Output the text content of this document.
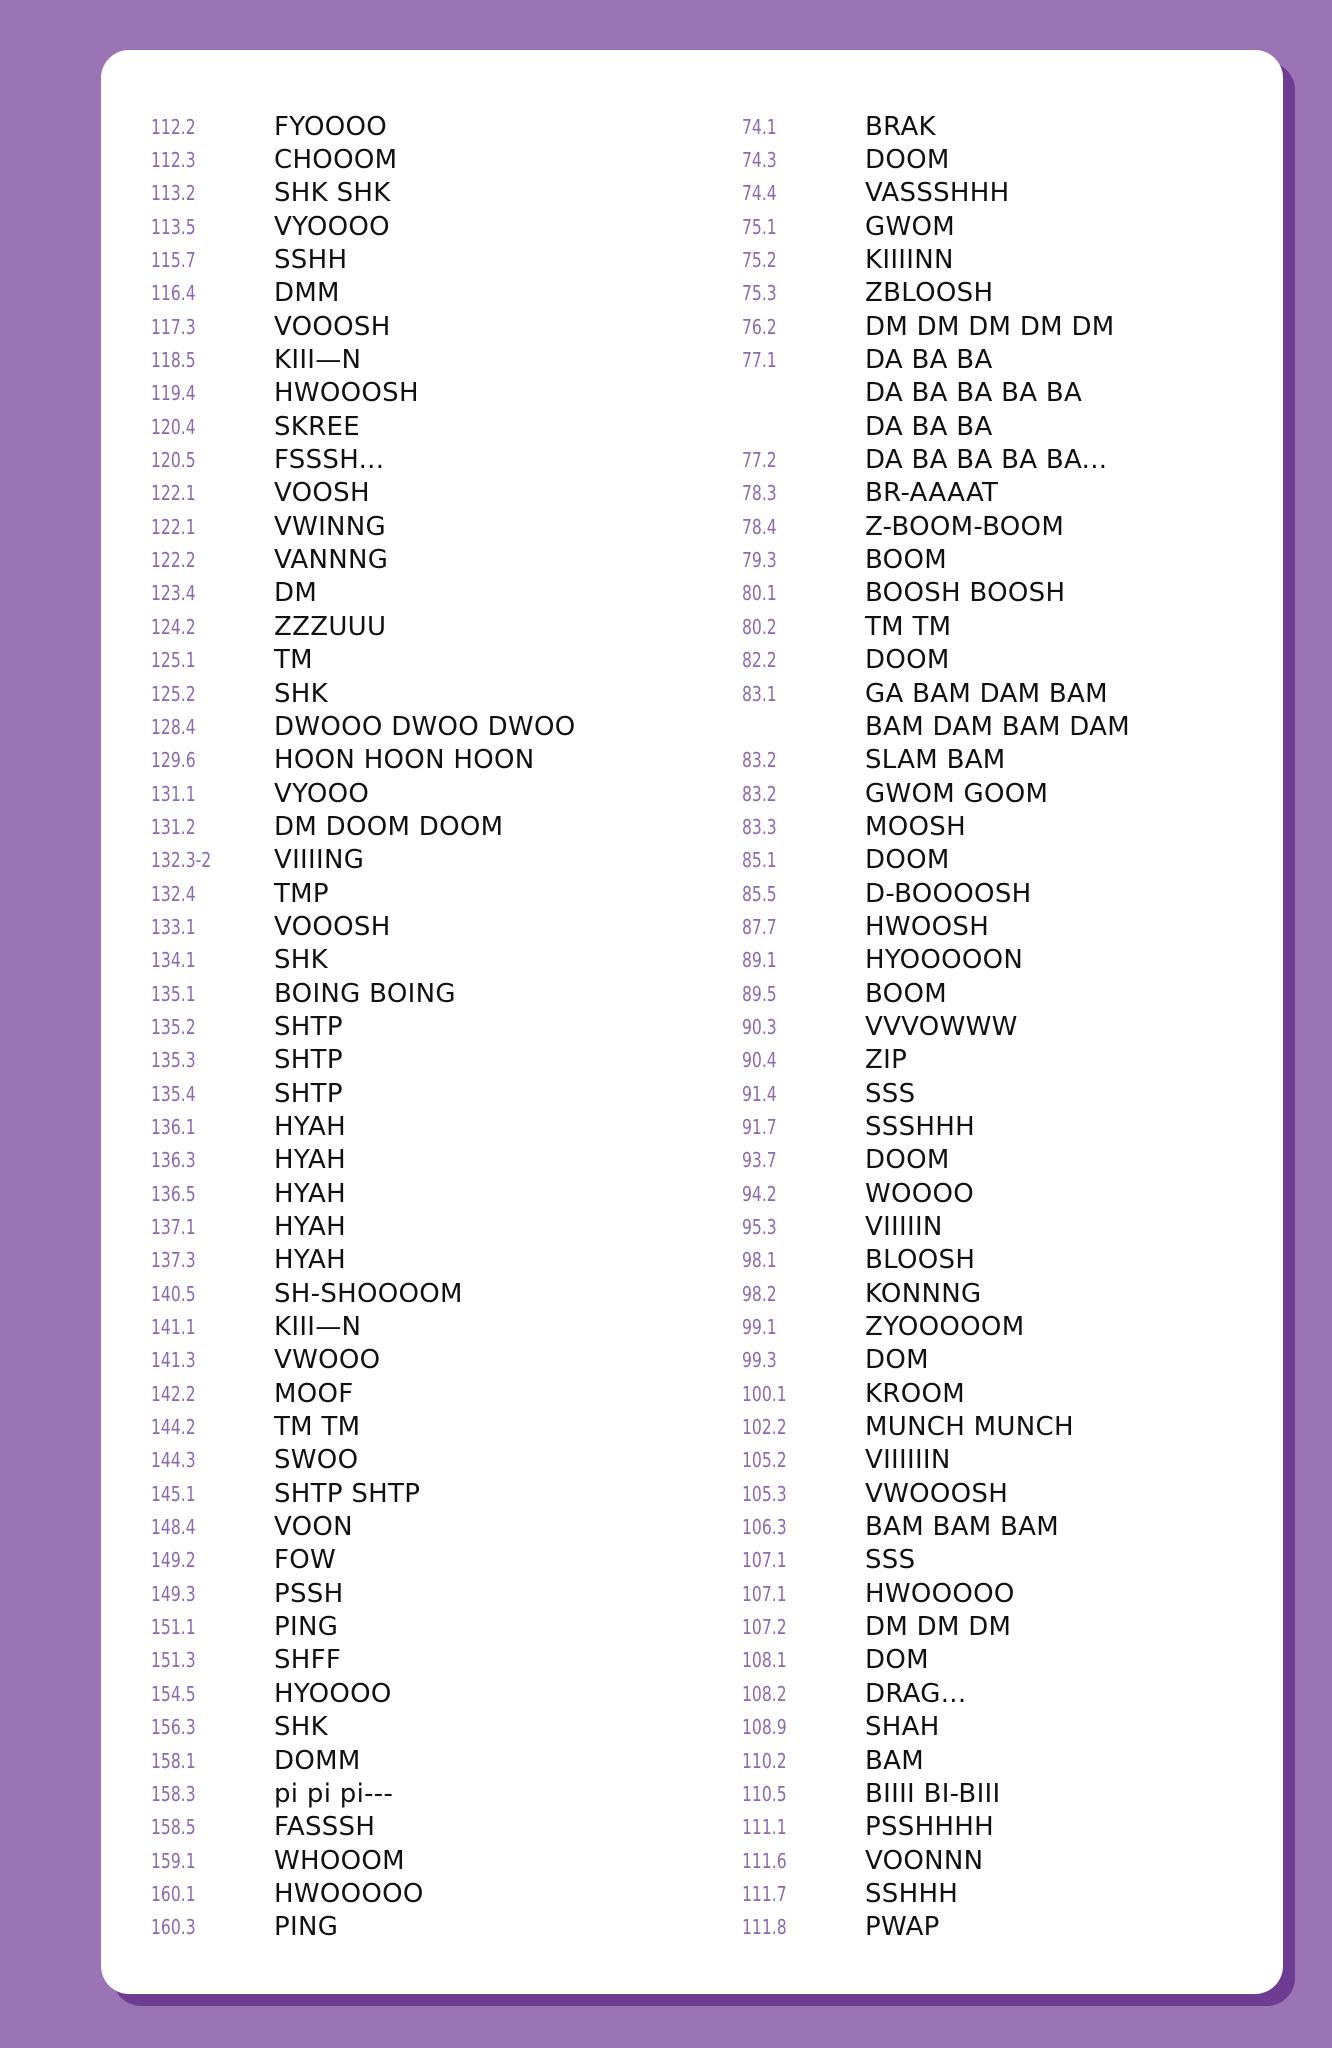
112.2	FYOOOO
112.3	CHOOOM
113.2	SHK SHK
113.5	VYOOOO
115.7	SSHH
116.4	DMM
117.3	VOOOSH
118.5	KIII—N
119.4	HWOOOSH
120.4	SKREE
120.5	FSSSH...
122.1	VOOSH
122.1	VWINNG
122.2	VANNNG
123.4	DM
124.2	ZZZUUU
125.1	TM
125.2	SHK
128.4	DWOOO DWOO DWOO
129.6	HOON HOON HOON
131.1	VYOOO
131.2	DM DOOM DOOM
132.3-2	VIIIING
132.4	TMP
133.1	VOOOSH
134.1	SHK
135.1	BOING BOING
135.2	SHTP
135.3	SHTP
135.4	SHTP
136.1	HYAH
136.3	HYAH
136.5	HYAH
137.1	HYAH
137.3	HYAH
140.5	SH-SHOOOOM
141.1	KIII—N
141.3	VWOOO
142.2	MOOF
144.2	TM TM
144.3	SWOO
145.1	SHTP SHTP
148.4	VOON
149.2	FOW
149.3	PSSH
151.1	PING
151.3	SHFF
154.5	HYOOOO
156.3	SHK
158.1	DOMM
158.3	pi pi pi---
158.5	FASSSH
159.1	WHOOOM
160.1	HWOOOOO
160.3	PING
74.1	BRAK
74.3	DOOM
74.4	VASSSHHH
75.1	GWOM
75.2	KIIIINN
75.3	ZBLOOSH
76.2	DM DM DM DM DM
77.1	DA BA BA
DA BA BA BA BA
DA BA BA
77.2	DA BA BA BA BA...
78.3	BR-AAAAT
78.4	Z-BOOM-BOOM
79.3	BOOM
80.1	BOOSH BOOSH
80.2	TM TM
82.2	DOOM
83.1	GA BAM DAM BAM
BAM DAM BAM DAM
83.2	SLAM BAM
83.2	GWOM GOOM
83.3	MOOSH
85.1	DOOM
85.5	D-BOOOOSH
87.7	HWOOSH
89.1	HYOOOOON
89.5	BOOM
90.3	VVVOWWW
90.4	ZIP
91.4	SSS
91.7	SSSHHH
93.7	DOOM
94.2	WOOOO
95.3	VIIIIIN
98.1	BLOOSH
98.2	KONNNG
99.1	ZYOOOOOM
99.3	DOM
100.1	KROOM
102.2	MUNCH MUNCH
105.2	VIIIIIIN
105.3	VWOOOSH
106.3	BAM BAM BAM
107.1	SSS
107.1	HWOOOOO
107.2	DM DM DM
108.1	DOM
108.2	DRAG...
108.9	SHAH
110.2	BAM
110.5	BIIII BI-BIII
111.1	PSSHHHH
111.6	VOONNN
111.7	SSHHH
111.8	PWAP
